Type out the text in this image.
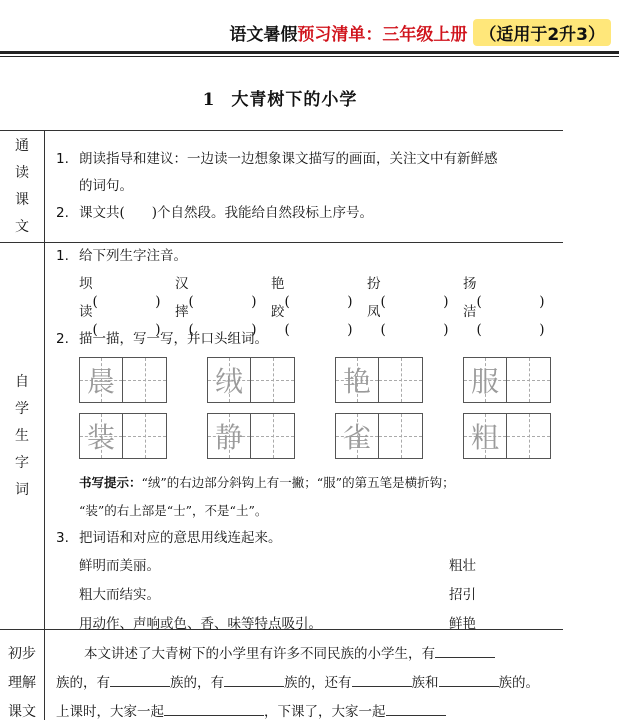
语文暑假 预习清单：三年级上册 （适用于2升3）
1 大青树下的小学
通
读
课
文
1. 朗读指导和建议：一边读一边想象课文描写的画面，关注文中有新鲜感
的词句。
2. 课文共(　　)个自然段。我能给自然段标上序号。
自
学
生
字
词
1. 给下列生字注音。
坝	汉	艳	扮	扬
读	摔	跤	凤	洁
2. 描一描，写一写，并口头组词。
晨	绒	艳	服
装	静	雀	粗
书写提示：“绒”的右边部分斜钩上有一撇；“服”的第五笔是横折钩；
“装”的右上部是“士”，不是“土”。
3. 把词语和对应的意思用线连起来。
鲜明而美丽。	粗壮
粗大而结实。	招引
用动作、声响或色、香、味等特点吸引。	鲜艳
初步
理解
课文
本文讲述了大青树下的小学里有许多不同民族的小学生，有
族的，有	族的，有	族的，还有	族和	族的。
上课时，大家一起	，下课了，大家一起
